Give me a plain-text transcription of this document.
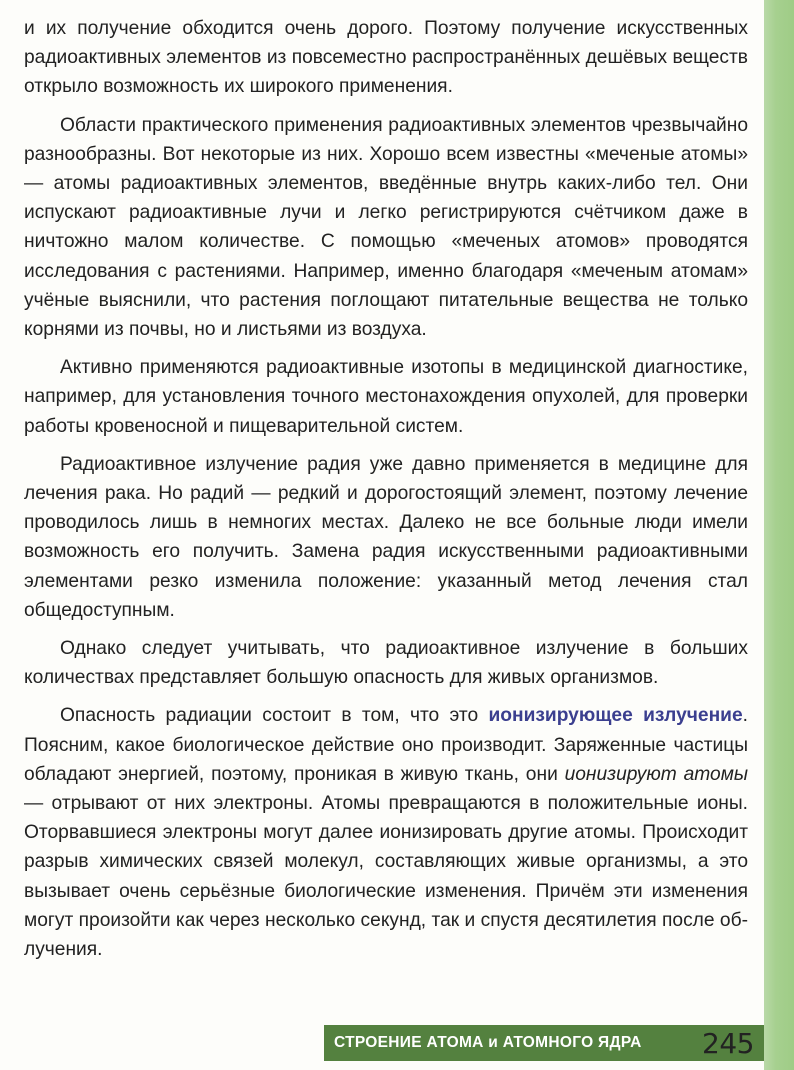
и их получение обходится очень дорого. Поэтому получение искусственных радиоактивных элементов из повсеместно распространённых дешёвых веществ открыло возможность их широкого применения.

Области практического применения радиоактивных элементов чрезвычайно разнообразны. Вот некоторые из них. Хорошо всем известны «меченые атомы» — атомы радиоактивных элементов, введённые внутрь каких-либо тел. Они испускают радиоактивные лучи и легко регистрируются счётчиком даже в ничтожно малом количестве. С помощью «меченых атомов» проводятся исследования с растениями. Например, именно благодаря «меченым атомам» учёные выяснили, что растения поглощают питательные вещества не только корнями из почвы, но и листьями из воздуха.

Активно применяются радиоактивные изотопы в медицинской диагностике, например, для установления точного местонахождения опухолей, для проверки работы кровеносной и пищеварительной систем.

Радиоактивное излучение радия уже давно применяется в медицине для лечения рака. Но радий — редкий и дорогостоящий элемент, поэтому лечение проводилось лишь в немногих местах. Далеко не все больные люди имели возможность его получить. Замена радия искусственными радиоактивными элементами резко изменила положение: указанный метод лечения стал общедоступным.

Однако следует учитывать, что радиоактивное излучение в больших количествах представляет большую опасность для живых организмов.

Опасность радиации состоит в том, что это ионизирующее излучение. Поясним, какое биологическое действие оно производит. Заряженные частицы обладают энергией, поэтому, проникая в живую ткань, они ионизируют атомы — отрывают от них электроны. Атомы превращаются в положительные ионы. Оторвавшиеся электроны могут далее ионизировать другие атомы. Происходит разрыв химических связей молекул, составляющих живые организмы, а это вызывает очень серьёзные биологические изменения. Причём эти изменения могут произойти как через несколько секунд, так и спустя десятилетия после облучения.

СТРОЕНИЕ АТОМА и АТОМНОГО ЯДРА 245
